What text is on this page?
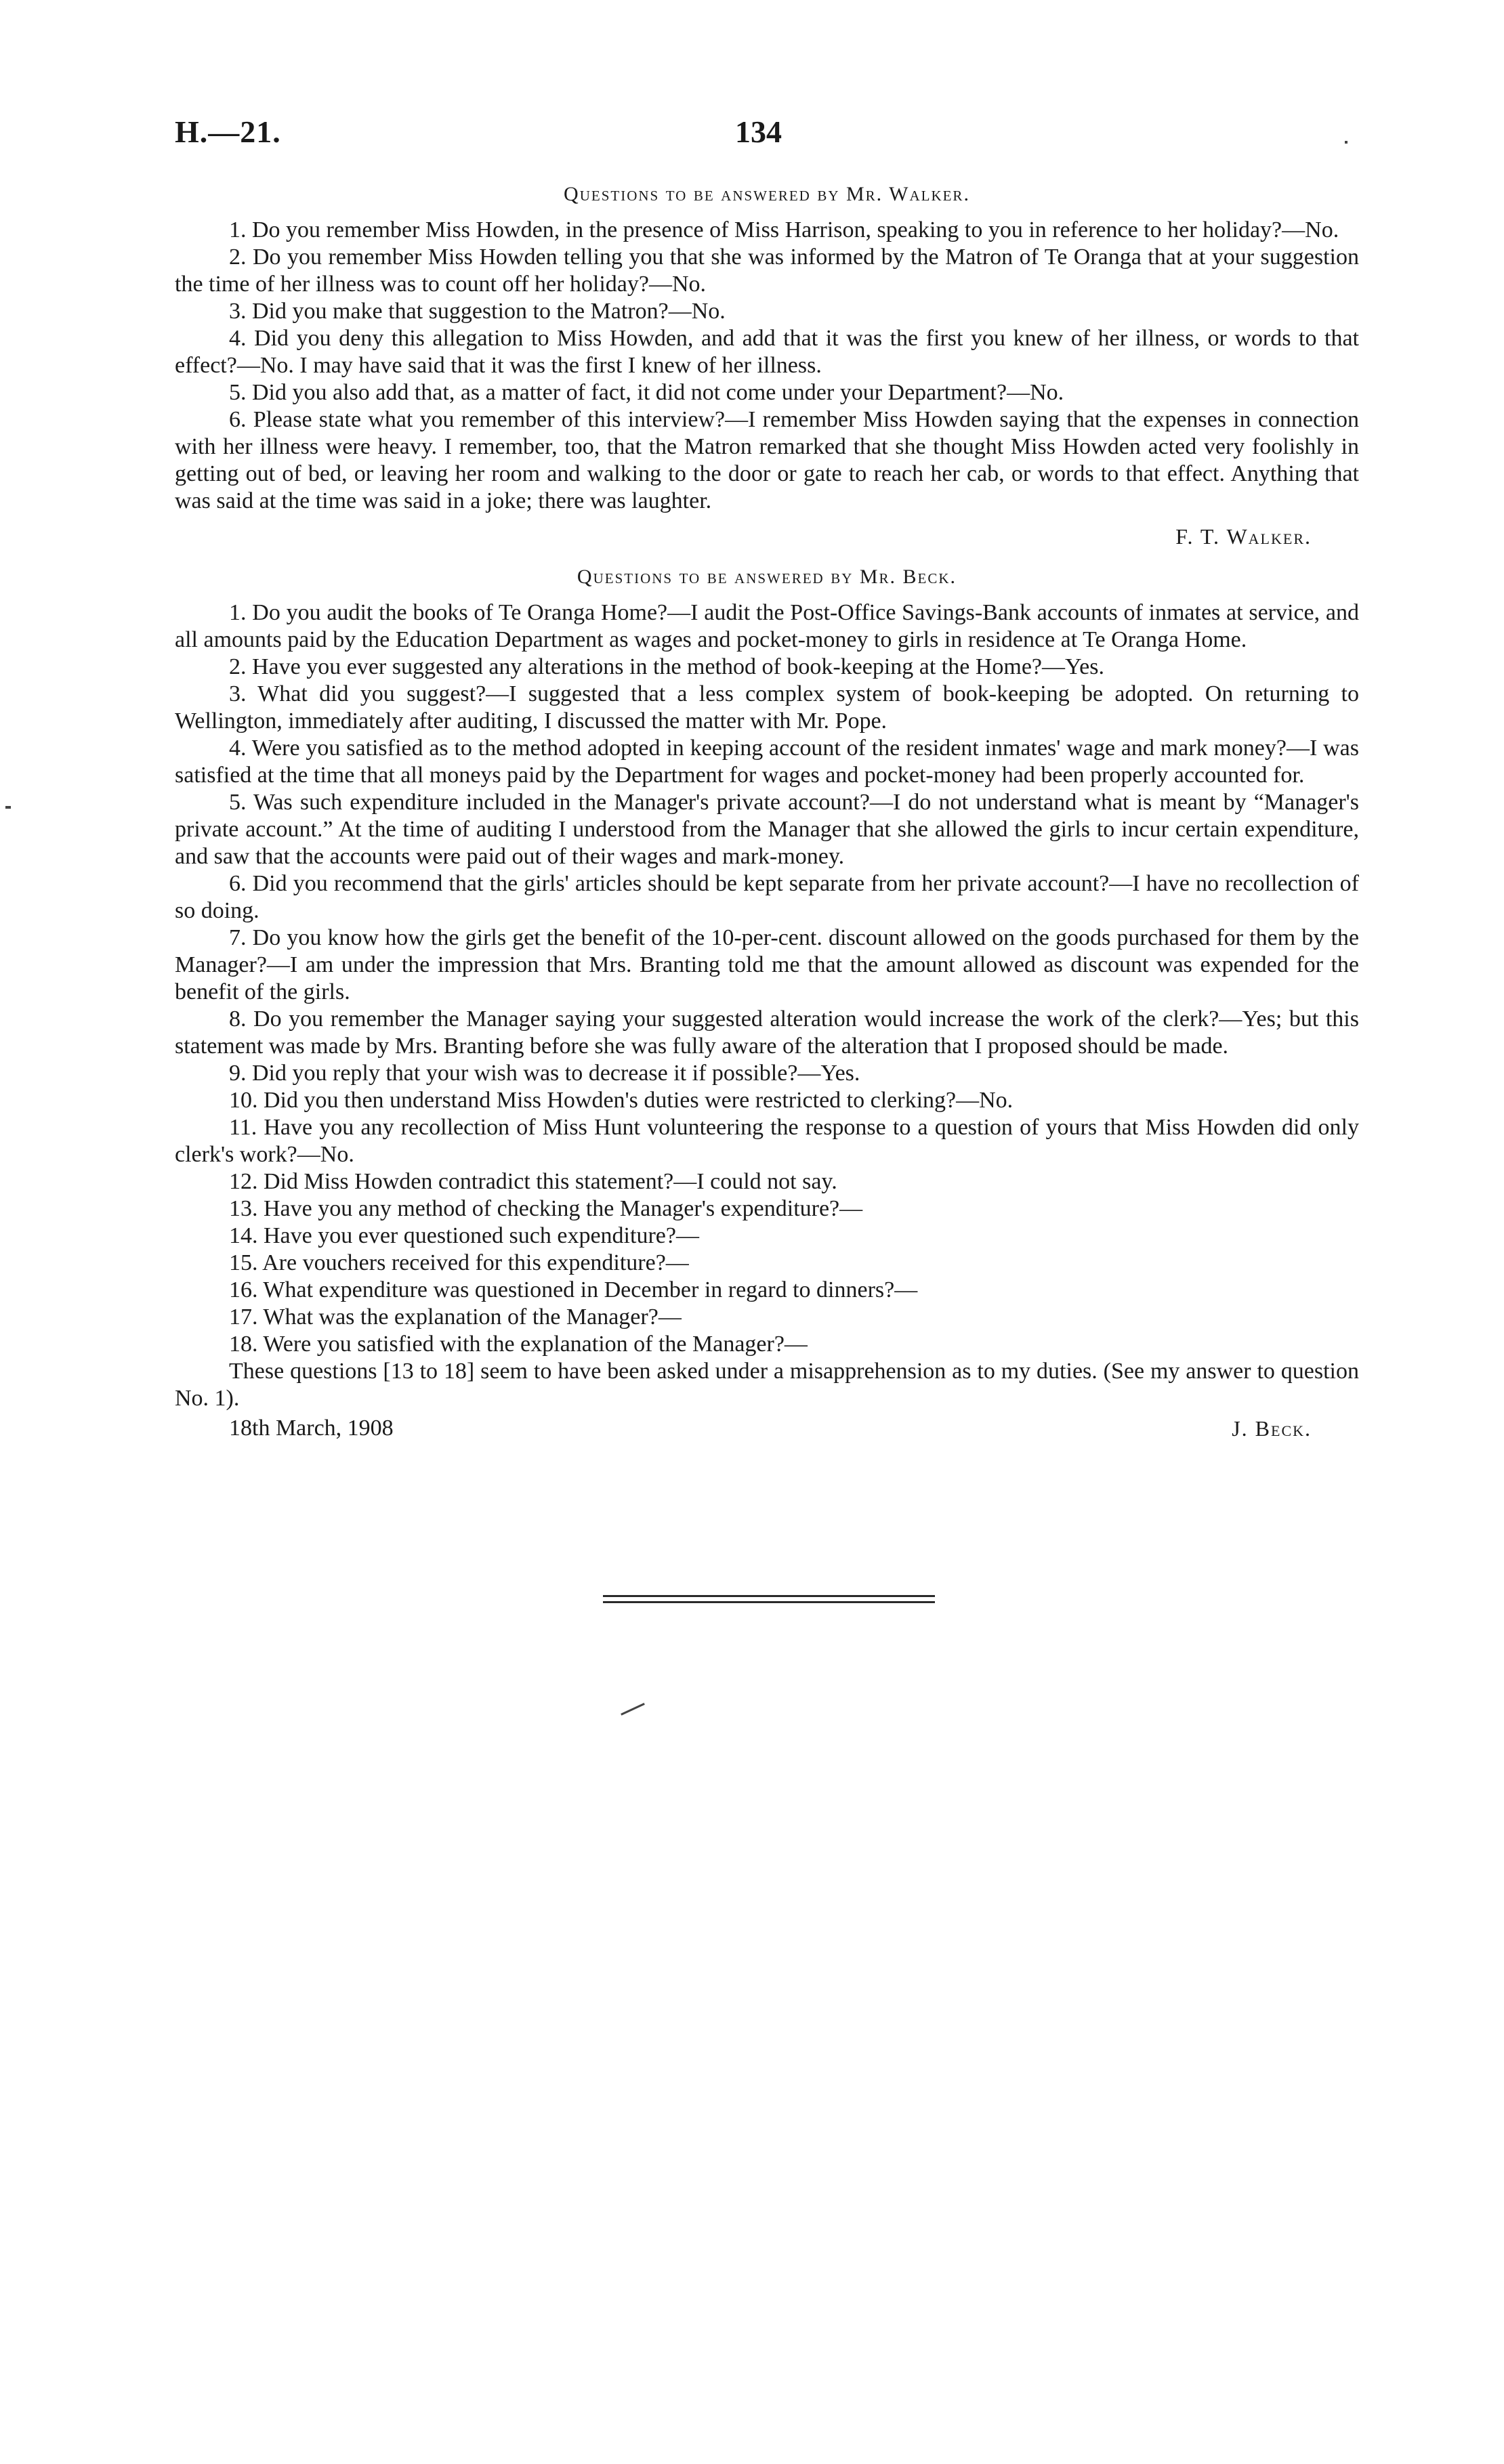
H.—21.	134
Questions to be answered by Mr. Walker.

1. Do you remember Miss Howden, in the presence of Miss Harrison, speaking to you in reference to her holiday?—No.

2. Do you remember Miss Howden telling you that she was informed by the Matron of Te Oranga that at your suggestion the time of her illness was to count off her holiday?—No.

3. Did you make that suggestion to the Matron?—No.

4. Did you deny this allegation to Miss Howden, and add that it was the first you knew of her illness, or words to that effect?—No. I may have said that it was the first I knew of her illness.

5. Did you also add that, as a matter of fact, it did not come under your Department?—No.

6. Please state what you remember of this interview?—I remember Miss Howden saying that the expenses in connection with her illness were heavy. I remember, too, that the Matron remarked that she thought Miss Howden acted very foolishly in getting out of bed, or leaving her room and walking to the door or gate to reach her cab, or words to that effect. Anything that was said at the time was said in a joke; there was laughter.

F. T. Walker.
Questions to be answered by Mr. Beck.

1. Do you audit the books of Te Oranga Home?—I audit the Post-Office Savings-Bank accounts of inmates at service, and all amounts paid by the Education Department as wages and pocket-money to girls in residence at Te Oranga Home.

2. Have you ever suggested any alterations in the method of book-keeping at the Home?—Yes.

3. What did you suggest?—I suggested that a less complex system of book-keeping be adopted. On returning to Wellington, immediately after auditing, I discussed the matter with Mr. Pope.

4. Were you satisfied as to the method adopted in keeping account of the resident inmates' wage and mark money?—I was satisfied at the time that all moneys paid by the Department for wages and pocket-money had been properly accounted for.

5. Was such expenditure included in the Manager's private account?—I do not understand what is meant by “Manager's private account.” At the time of auditing I understood from the Manager that she allowed the girls to incur certain expenditure, and saw that the accounts were paid out of their wages and mark-money.

6. Did you recommend that the girls' articles should be kept separate from her private account?—I have no recollection of so doing.

7. Do you know how the girls get the benefit of the 10-per-cent. discount allowed on the goods purchased for them by the Manager?—I am under the impression that Mrs. Branting told me that the amount allowed as discount was expended for the benefit of the girls.

8. Do you remember the Manager saying your suggested alteration would increase the work of the clerk?—Yes; but this statement was made by Mrs. Branting before she was fully aware of the alteration that I proposed should be made.

9. Did you reply that your wish was to decrease it if possible?—Yes.

10. Did you then understand Miss Howden's duties were restricted to clerking?—No.

11. Have you any recollection of Miss Hunt volunteering the response to a question of yours that Miss Howden did only clerk's work?—No.

12. Did Miss Howden contradict this statement?—I could not say.

13. Have you any method of checking the Manager's expenditure?—

14. Have you ever questioned such expenditure?—

15. Are vouchers received for this expenditure?—

16. What expenditure was questioned in December in regard to dinners?—

17. What was the explanation of the Manager?—

18. Were you satisfied with the explanation of the Manager?—

These questions [13 to 18] seem to have been asked under a misapprehension as to my duties. (See my answer to question No. 1).

18th March, 1908	J. Beck.
